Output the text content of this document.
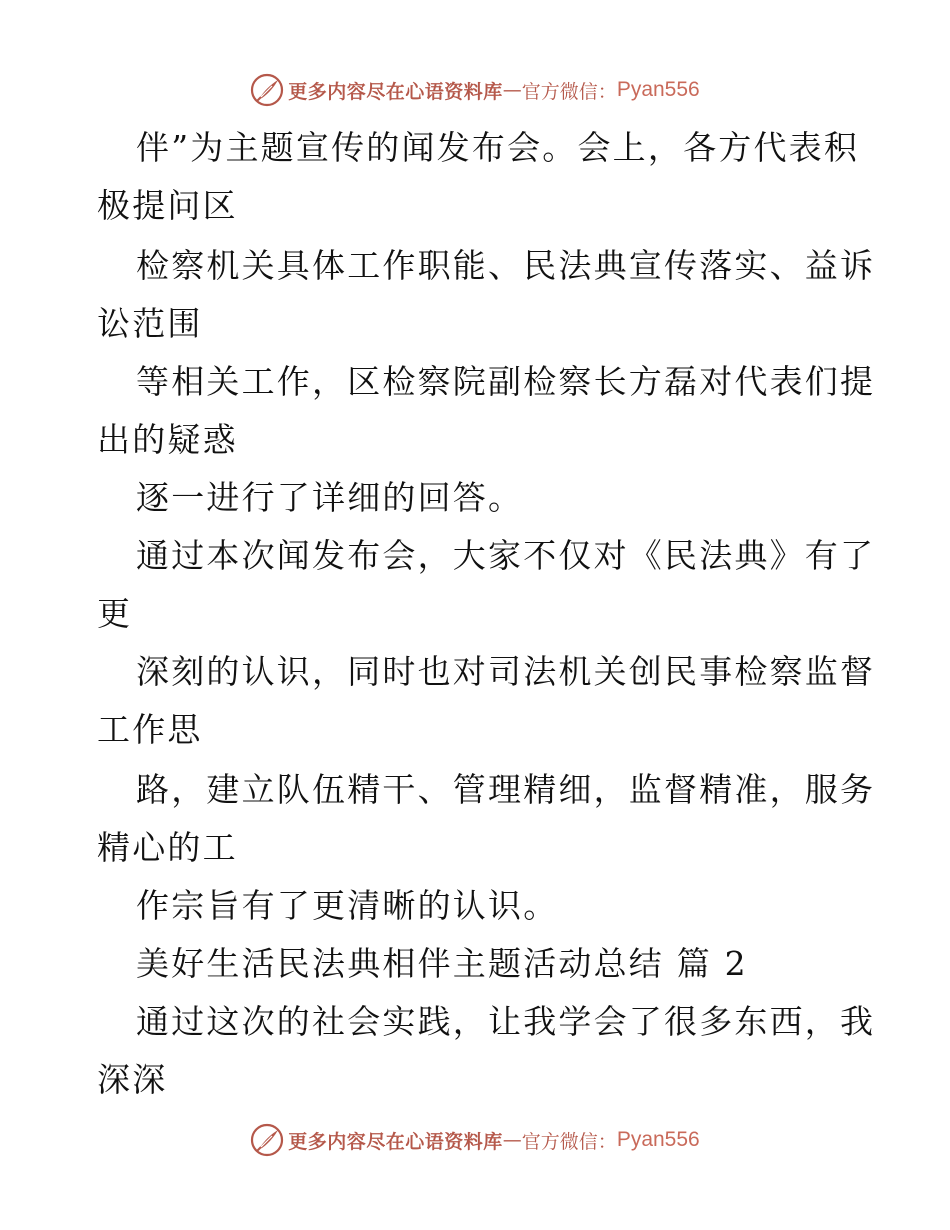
更多内容尽在心语资料库 — 官方微信： Pyan556
伴”为主题宣传的闻发布会。会上，各方代表积
极提问区
检察机关具体工作职能、民法典宣传落实、益诉
讼范围
等相关工作，区检察院副检察长方磊对代表们提
出的疑惑
逐一进行了详细的回答。
通过本次闻发布会，大家不仅对《民法典》有了
更
深刻的认识，同时也对司法机关创民事检察监督
工作思
路，建立队伍精干、管理精细，监督精准，服务
精心的工
作宗旨有了更清晰的认识。
美好生活民法典相伴主题活动总结 篇 2
通过这次的社会实践，让我学会了很多东西，我
深深
更多内容尽在心语资料库 — 官方微信： Pyan556
